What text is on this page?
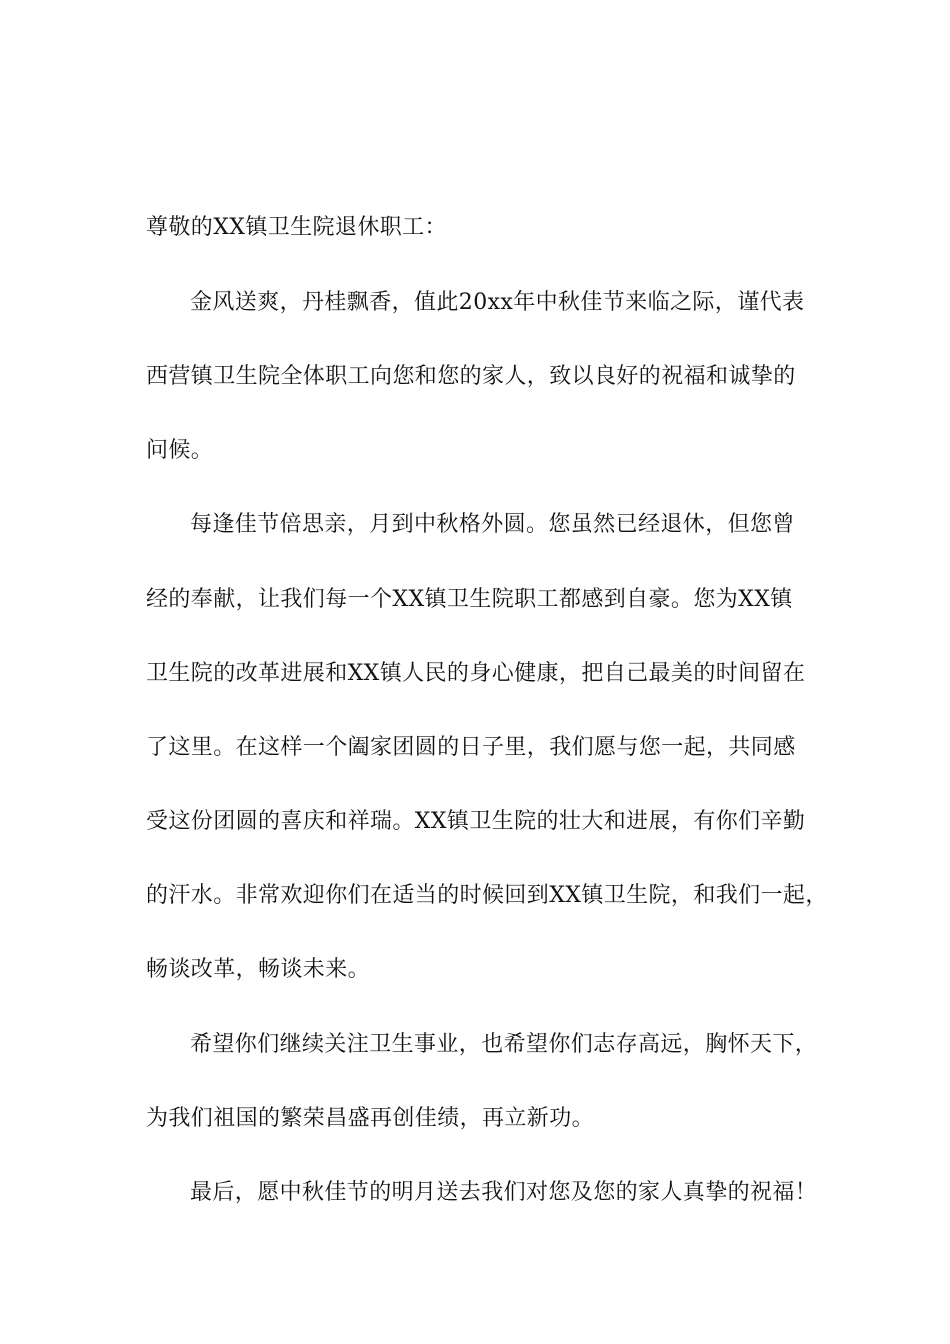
尊敬的XX镇卫生院退休职工：
金风送爽，丹桂飘香，值此20xx年中秋佳节来临之际，谨代表
西营镇卫生院全体职工向您和您的家人，致以良好的祝福和诚挚的
问候。
每逢佳节倍思亲，月到中秋格外圆。您虽然已经退休，但您曾
经的奉献，让我们每一个XX镇卫生院职工都感到自豪。您为XX镇
卫生院的改革进展和XX镇人民的身心健康，把自己最美的时间留在
了这里。在这样一个阖家团圆的日子里，我们愿与您一起，共同感
受这份团圆的喜庆和祥瑞。XX镇卫生院的壮大和进展，有你们辛勤
的汗水。非常欢迎你们在适当的时候回到XX镇卫生院，和我们一起，
畅谈改革，畅谈未来。
希望你们继续关注卫生事业，也希望你们志存高远，胸怀天下，
为我们祖国的繁荣昌盛再创佳绩，再立新功。
最后，愿中秋佳节的明月送去我们对您及您的家人真挚的祝福！
